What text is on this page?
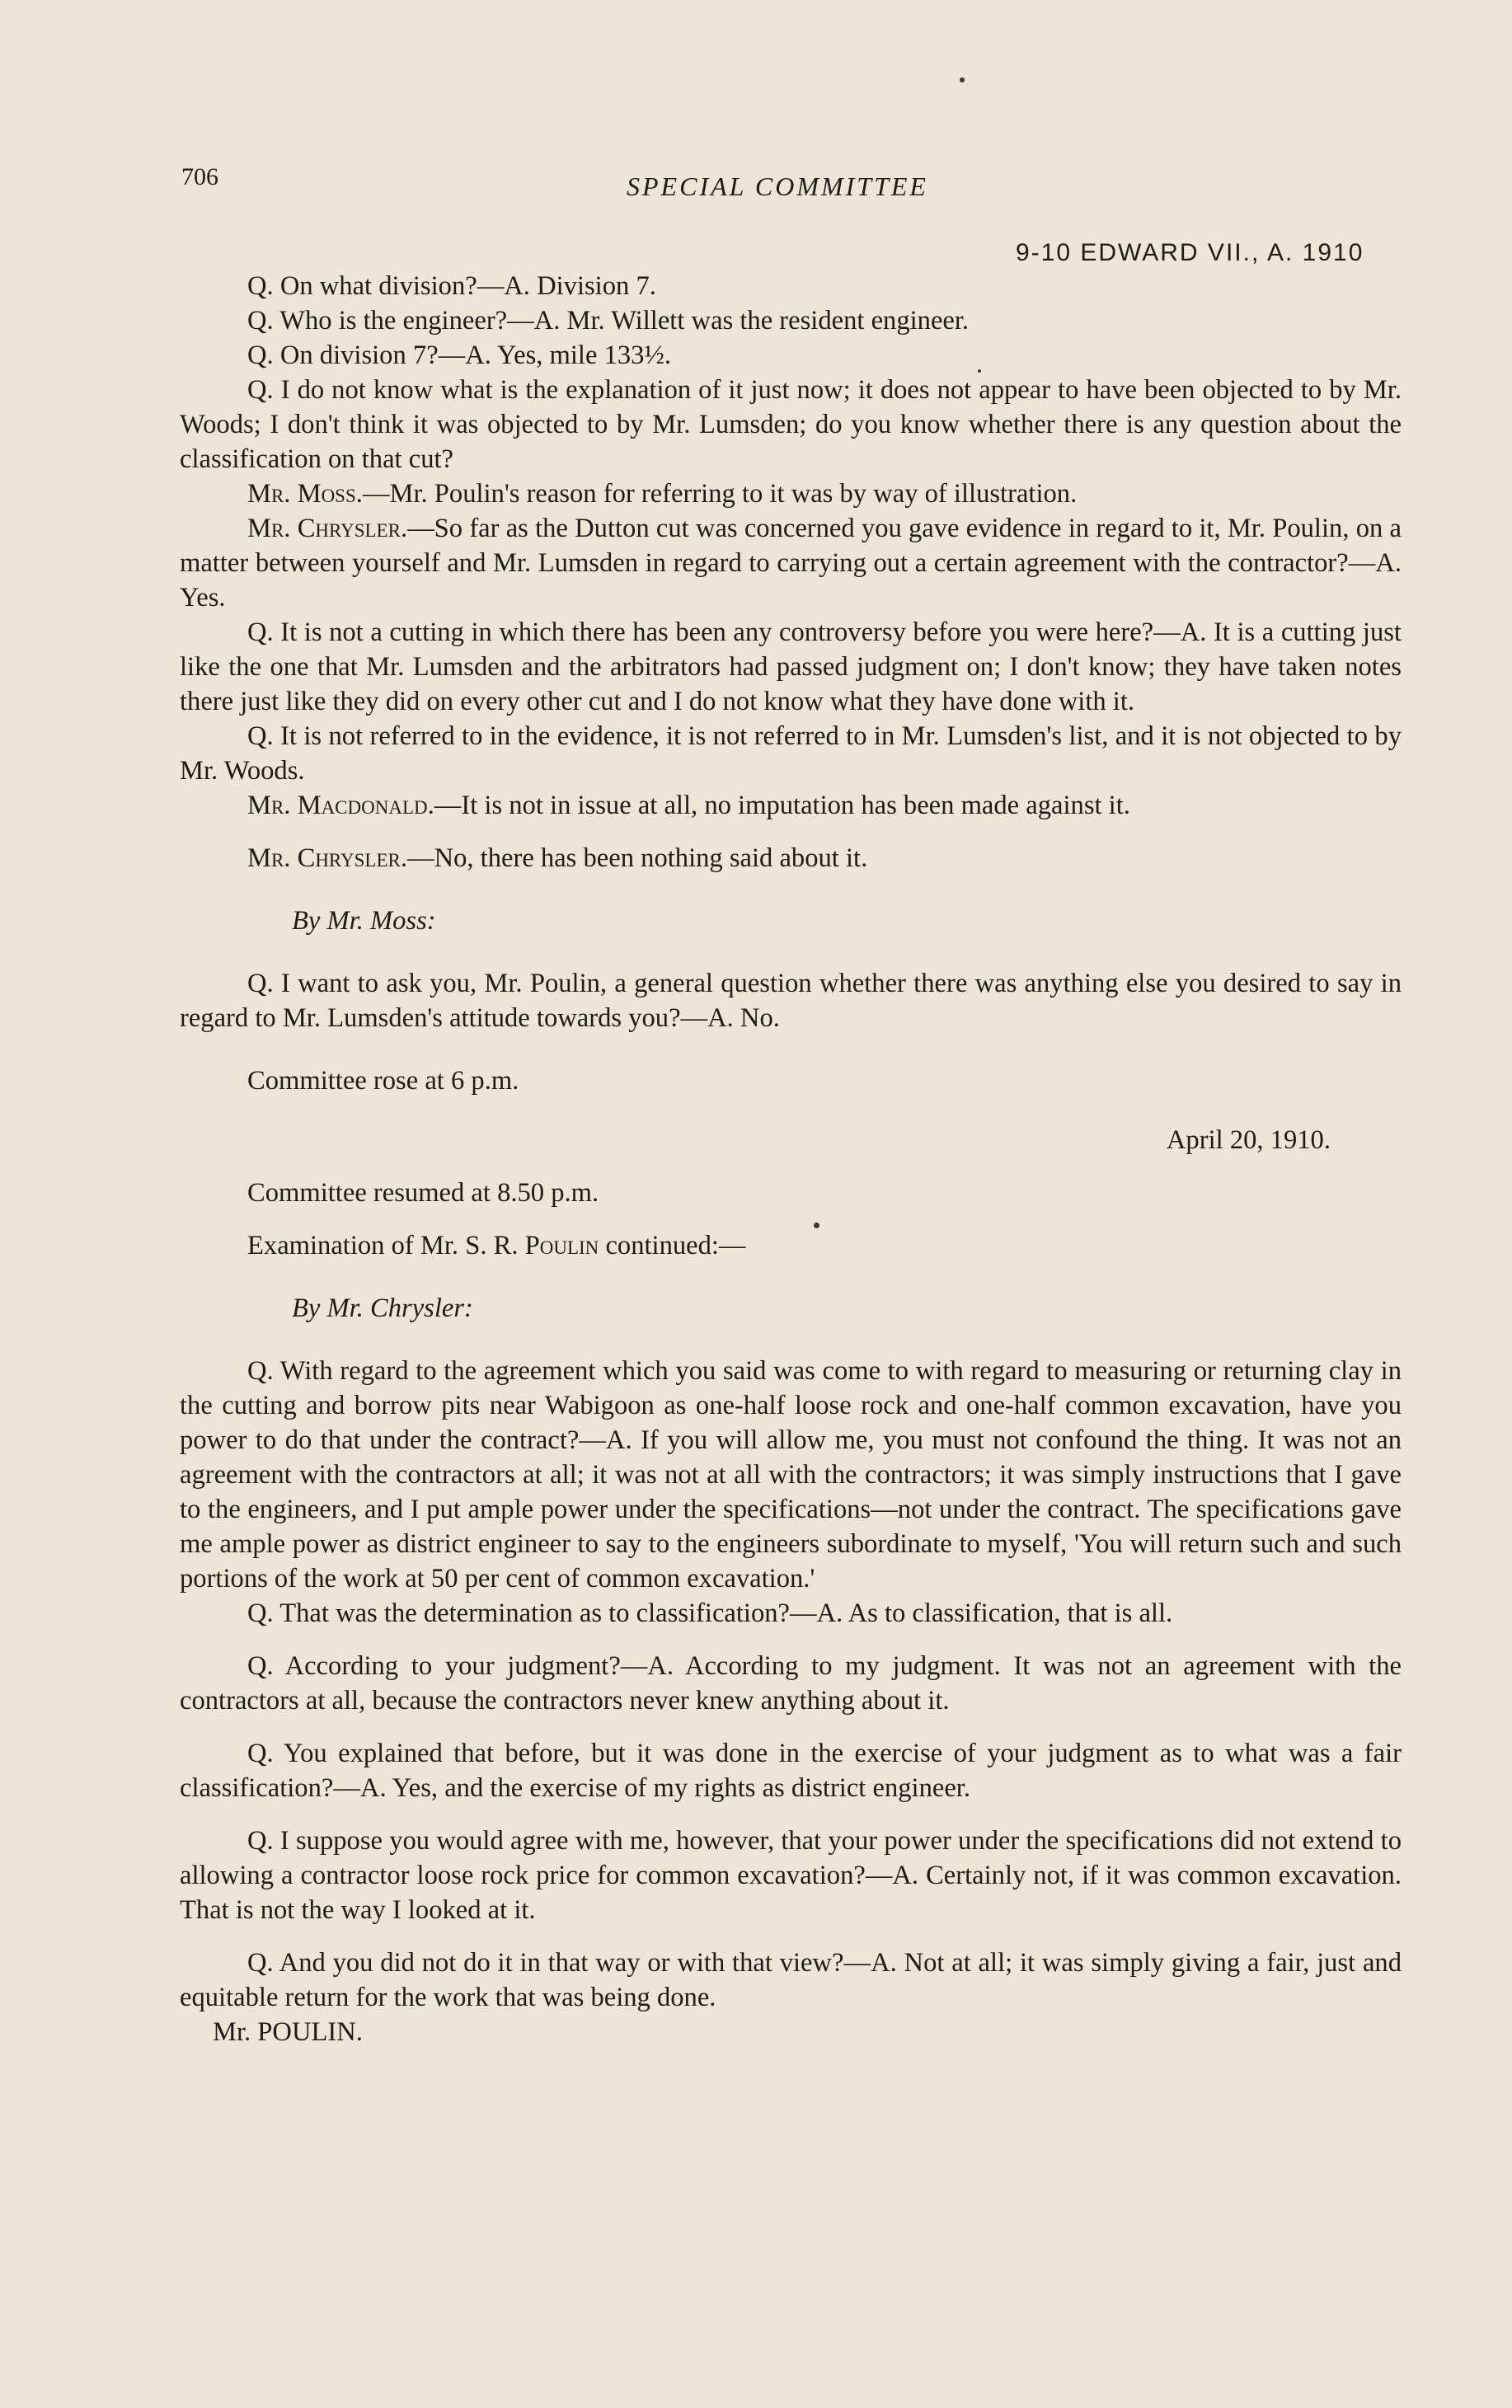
706	SPECIAL COMMITTEE
9-10 EDWARD VII., A. 1910

Q. On what division?—A. Division 7.

Q. Who is the engineer?—A. Mr. Willett was the resident engineer.

Q. On division 7?—A. Yes, mile 133½.

Q. I do not know what is the explanation of it just now; it does not appear to have been objected to by Mr. Woods; I don't think it was objected to by Mr. Lumsden; do you know whether there is any question about the classification on that cut?

Mr. Moss.—Mr. Poulin's reason for referring to it was by way of illustration.

Mr. Chrysler.—So far as the Dutton cut was concerned you gave evidence in regard to it, Mr. Poulin, on a matter between yourself and Mr. Lumsden in regard to carrying out a certain agreement with the contractor?—A. Yes.

Q. It is not a cutting in which there has been any controversy before you were here?—A. It is a cutting just like the one that Mr. Lumsden and the arbitrators had passed judgment on; I don't know; they have taken notes there just like they did on every other cut and I do not know what they have done with it.

Q. It is not referred to in the evidence, it is not referred to in Mr. Lumsden's list, and it is not objected to by Mr. Woods.

Mr. Macdonald.—It is not in issue at all, no imputation has been made against it.

Mr. Chrysler.—No, there has been nothing said about it.

By Mr. Moss:

Q. I want to ask you, Mr. Poulin, a general question whether there was anything else you desired to say in regard to Mr. Lumsden's attitude towards you?—A. No.

Committee rose at 6 p.m.

April 20, 1910.

Committee resumed at 8.50 p.m.

Examination of Mr. S. R. Poulin continued:—

By Mr. Chrysler:

Q. With regard to the agreement which you said was come to with regard to measuring or returning clay in the cutting and borrow pits near Wabigoon as one-half loose rock and one-half common excavation, have you power to do that under the contract?—A. If you will allow me, you must not confound the thing. It was not an agreement with the contractors at all; it was not at all with the contractors; it was simply instructions that I gave to the engineers, and I put ample power under the specifications—not under the contract. The specifications gave me ample power as district engineer to say to the engineers subordinate to myself, 'You will return such and such portions of the work at 50 per cent of common excavation.'

Q. That was the determination as to classification?—A. As to classification, that is all.

Q. According to your judgment?—A. According to my judgment. It was not an agreement with the contractors at all, because the contractors never knew anything about it.

Q. You explained that before, but it was done in the exercise of your judgment as to what was a fair classification?—A. Yes, and the exercise of my rights as district engineer.

Q. I suppose you would agree with me, however, that your power under the specifications did not extend to allowing a contractor loose rock price for common excavation?—A. Certainly not, if it was common excavation. That is not the way I looked at it.

Q. And you did not do it in that way or with that view?—A. Not at all; it was simply giving a fair, just and equitable return for the work that was being done.

Mr. POULIN.
